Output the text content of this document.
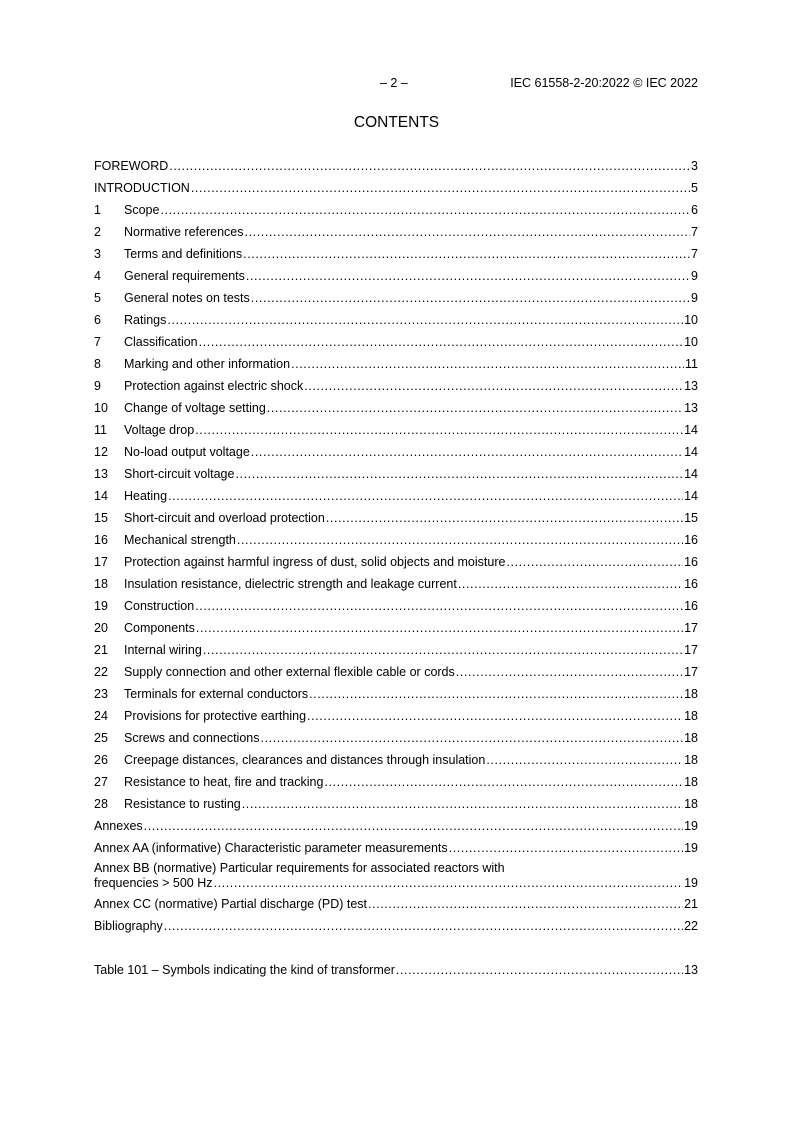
– 2 –	IEC 61558-2-20:2022 © IEC 2022
CONTENTS
FOREWORD .....	3
INTRODUCTION .....	5
1	Scope .....	6
2	Normative references .....	7
3	Terms and definitions .....	7
4	General requirements .....	9
5	General notes on tests .....	9
6	Ratings .....	10
7	Classification .....	10
8	Marking and other information .....	11
9	Protection against electric shock .....	13
10	Change of voltage setting .....	13
11	Voltage drop .....	14
12	No-load output voltage .....	14
13	Short-circuit voltage .....	14
14	Heating .....	14
15	Short-circuit and overload protection .....	15
16	Mechanical strength .....	16
17	Protection against harmful ingress of dust, solid objects and moisture .....	16
18	Insulation resistance, dielectric strength and leakage current .....	16
19	Construction .....	16
20	Components .....	17
21	Internal wiring .....	17
22	Supply connection and other external flexible cable or cords .....	17
23	Terminals for external conductors .....	18
24	Provisions for protective earthing .....	18
25	Screws and connections .....	18
26	Creepage distances, clearances and distances through insulation .....	18
27	Resistance to heat, fire and tracking .....	18
28	Resistance to rusting .....	18
Annexes .....	19
Annex AA (informative) Characteristic parameter measurements .....	19
Annex BB (normative) Particular requirements for associated reactors with
frequencies > 500 Hz .....	19
Annex CC (normative) Partial discharge (PD) test .....	21
Bibliography .....	22
Table 101 – Symbols indicating the kind of transformer .....	13
